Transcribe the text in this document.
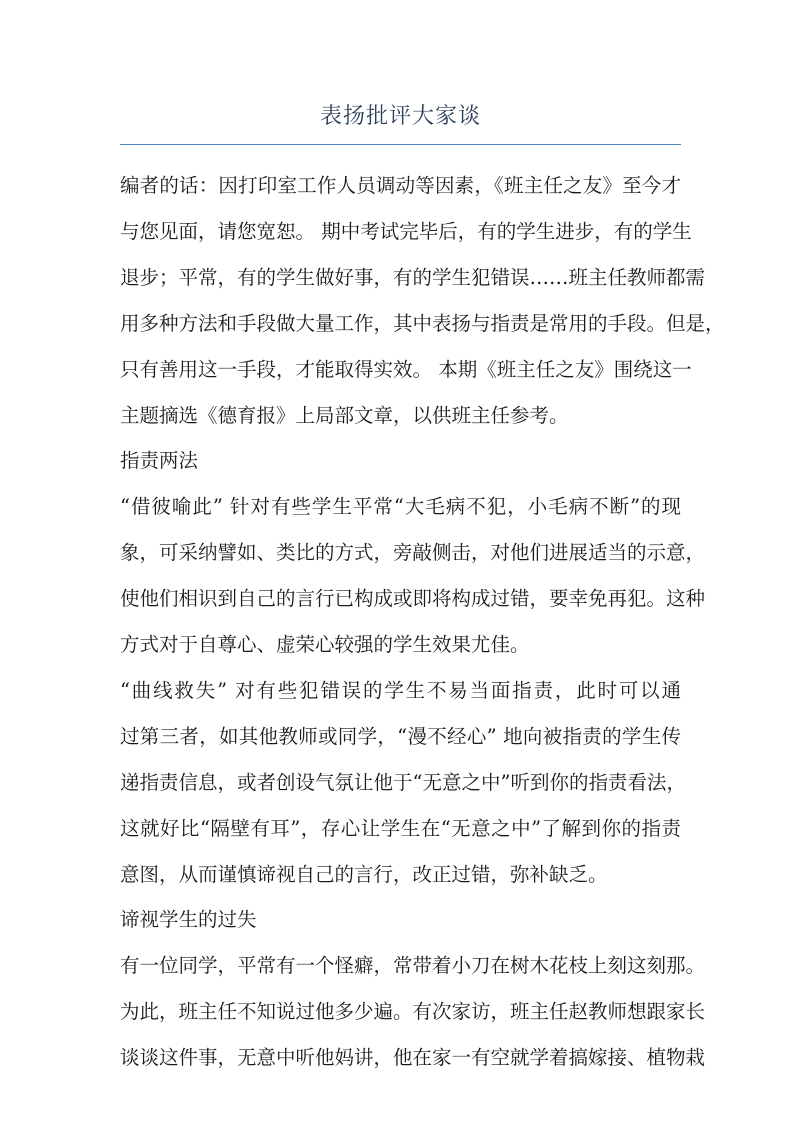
表扬批评大家谈
编者的话：因打印室工作人员调动等因素，《班主任之友》至今才
与您见面，请您宽恕。 期中考试完毕后，有的学生进步，有的学生
退步；平常，有的学生做好事，有的学生犯错误……班主任教师都需
用多种方法和手段做大量工作，其中表扬与指责是常用的手段。但是，
只有善用这一手段，才能取得实效。 本期《班主任之友》围绕这一
主题摘选《德育报》上局部文章，以供班主任参考。
指责两法
“借彼喻此” 针对有些学生平常“大毛病不犯，小毛病不断”的现
象，可采纳譬如、类比的方式，旁敲侧击，对他们进展适当的示意，
使他们相识到自己的言行已构成或即将构成过错，要幸免再犯。这种
方式对于自尊心、虚荣心较强的学生效果尤佳。
“曲线救失” 对有些犯错误的学生不易当面指责，此时可以通
过第三者，如其他教师或同学，“漫不经心” 地向被指责的学生传
递指责信息，或者创设气氛让他于“无意之中”听到你的指责看法，
这就好比“隔壁有耳”，存心让学生在“无意之中”了解到你的指责
意图，从而谨慎谛视自己的言行，改正过错，弥补缺乏。
谛视学生的过失
有一位同学，平常有一个怪癖，常带着小刀在树木花枝上刻这刻那。
为此，班主任不知说过他多少遍。有次家访，班主任赵教师想跟家长
谈谈这件事，无意中听他妈讲，他在家一有空就学着搞嫁接、植物栽
